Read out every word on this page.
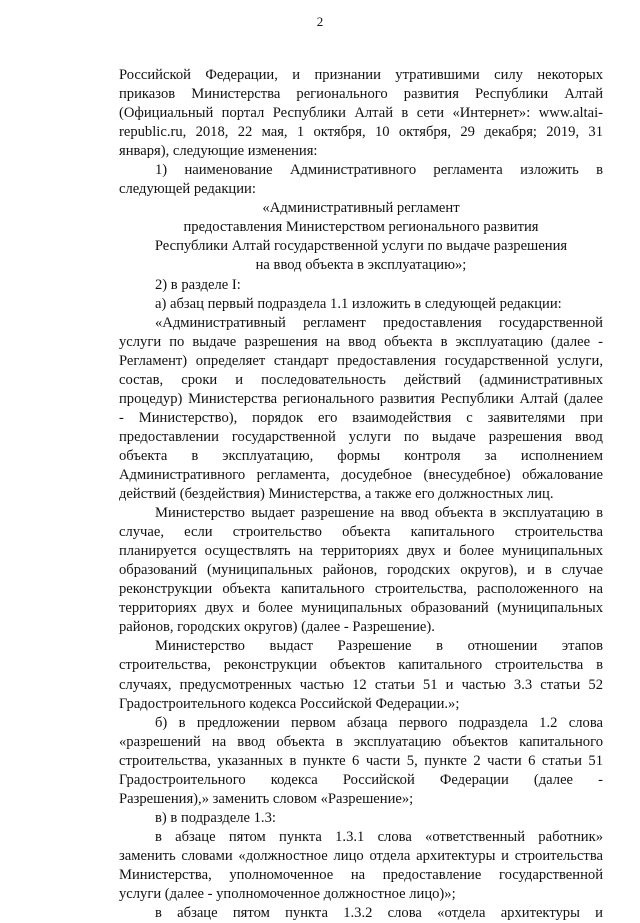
2
Российской Федерации, и признании утратившими силу некоторых
приказов Министерства регионального развития Республики Алтай
(Официальный портал Республики Алтай в сети «Интернет»: www.altai-
republic.ru, 2018, 22 мая, 1 октября, 10 октября, 29 декабря; 2019, 31
января), следующие изменения:
1) наименование Административного регламента изложить в
следующей редакции:
«Административный регламент
предоставления Министерством регионального развития
Республики Алтай государственной услуги по выдаче разрешения
на ввод объекта в эксплуатацию»;
2) в разделе I:
а) абзац первый подраздела 1.1 изложить в следующей редакции:
«Административный регламент предоставления государственной
услуги по выдаче разрешения на ввод объекта в эксплуатацию (далее -
Регламент) определяет стандарт предоставления государственной услуги,
состав, сроки и последовательность действий (административных
процедур) Министерства регионального развития Республики Алтай (далее
- Министерство), порядок его взаимодействия с заявителями при
предоставлении государственной услуги по выдаче разрешения ввод
объекта в эксплуатацию, формы контроля за исполнением
Административного регламента, досудебное (внесудебное) обжалование
действий (бездействия) Министерства, а также его должностных лиц.
Министерство выдает разрешение на ввод объекта в эксплуатацию в
случае, если строительство объекта капитального строительства
планируется осуществлять на территориях двух и более муниципальных
образований (муниципальных районов, городских округов), и в случае
реконструкции объекта капитального строительства, расположенного на
территориях двух и более муниципальных образований (муниципальных
районов, городских округов) (далее - Разрешение).
Министерство выдаст Разрешение в отношении этапов
строительства, реконструкции объектов капитального строительства в
случаях, предусмотренных частью 12 статьи 51 и частью 3.3 статьи 52
Градостроительного кодекса Российской Федерации.»;
б) в предложении первом абзаца первого подраздела 1.2 слова
«разрешений на ввод объекта в эксплуатацию объектов капитального
строительства, указанных в пункте 6 части 5, пункте 2 части 6 статьи 51
Градостроительного кодекса Российской Федерации (далее -
Разрешения),» заменить словом «Разрешение»;
в) в подразделе 1.3:
в абзаце пятом пункта 1.3.1 слова «ответственный работник»
заменить словами «должностное лицо отдела архитектуры и строительства
Министерства, уполномоченное на предоставление государственной
услуги (далее - уполномоченное должностное лицо)»;
в абзаце пятом пункта 1.3.2 слова «отдела архитектуры и
